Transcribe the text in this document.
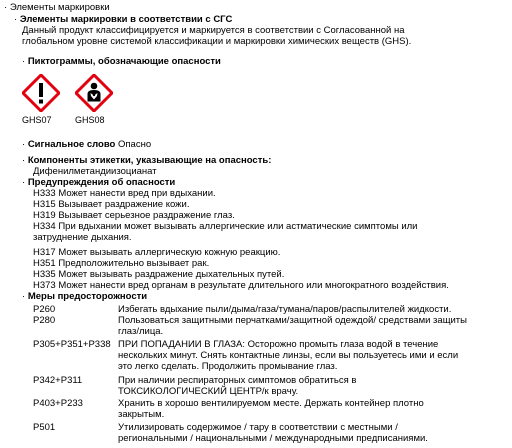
· Элементы маркировки
· Элементы маркировки в соответствии с СГС
Данный продукт классифицируется и маркируется в соответствии с Согласованной на
глобальном уровне системой классификации и маркировки химических веществ (GHS).
· Пиктограммы, обозначающие опасности
GHS07	GHS08
· Сигнальное слово Опасно
· Компоненты этикетки, указывающие на опасность:
Дифенилметандиизоцианат
· Предупреждения об опасности
H333 Может нанести вред при вдыхании.
H315 Вызывает раздражение кожи.
H319 Вызывает серьезное раздражение глаз.
H334 При вдыхании может вызывать аллергические или астматические симптомы или
затруднение дыхания.
H317 Может вызывать аллергическую кожную реакцию.
H351 Предположительно вызывает рак.
H335 Может вызывать раздражение дыхательных путей.
H373 Может нанести вред органам в результате длительного или многократного воздействия.
· Меры предосторожности
P260	Избегать вдыхание пыли/дыма/газа/тумана/паров/распылителей жидкости.
P280	Пользоваться защитными перчатками/защитной одеждой/ средствами защиты
глаз/лица.
P305+P351+P338 ПРИ ПОПАДАНИИ В ГЛАЗА: Осторожно промыть глаза водой в течение
нескольких минут. Снять контактные линзы, если вы пользуетесь ими и если
это легко сделать. Продолжить промывание глаз.
P342+P311	При наличии респираторных симптомов обратиться в
ТОКСИКОЛОГИЧЕСКИЙ ЦЕНТР/к врачу.
P403+P233	Хранить в хорошо вентилируемом месте. Держать контейнер плотно
закрытым.
P501	Утилизировать содержимое / тару в соответствии с местными /
региональными / национальными / международными предписаниями.
